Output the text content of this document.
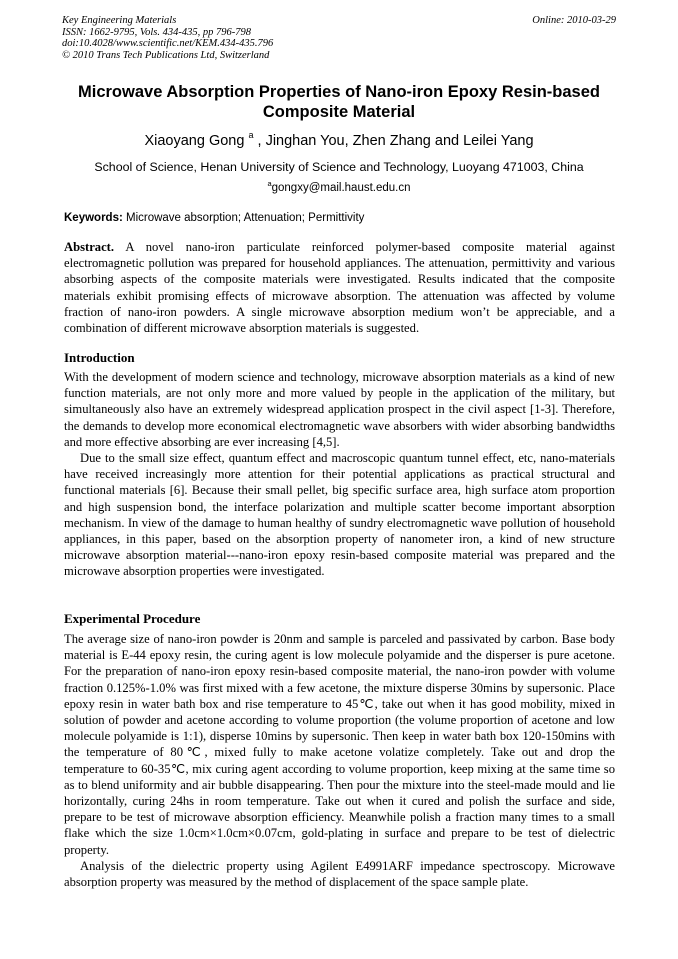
Key Engineering Materials
ISSN: 1662-9795, Vols. 434-435, pp 796-798
doi:10.4028/www.scientific.net/KEM.434-435.796
© 2010 Trans Tech Publications Ltd, Switzerland
Online: 2010-03-29
Microwave Absorption Properties of Nano-iron Epoxy Resin-based Composite Material
Xiaoyang Gong $^a$ , Jinghan You, Zhen Zhang and Leilei Yang
School of Science, Henan University of Science and Technology, Luoyang 471003, China
$^a$gongxy@mail.haust.edu.cn
Keywords: Microwave absorption; Attenuation; Permittivity
Abstract. A novel nano-iron particulate reinforced polymer-based composite material against electromagnetic pollution was prepared for household appliances. The attenuation, permittivity and various absorbing aspects of the composite materials were investigated. Results indicated that the composite materials exhibit promising effects of microwave absorption. The attenuation was affected by volume fraction of nano-iron powders. A single microwave absorption medium won’t be appreciable, and a combination of different microwave absorption materials is suggested.
Introduction

With the development of modern science and technology, microwave absorption materials as a kind of new function materials, are not only more and more valued by people in the application of the military, but simultaneously also have an extremely widespread application prospect in the civil aspect [1-3]. Therefore, the demands to develop more economical electromagnetic wave absorbers with wider absorbing bandwidths and more effective absorbing are ever increasing [4,5].

Due to the small size effect, quantum effect and macroscopic quantum tunnel effect, etc, nano-materials have received increasingly more attention for their potential applications as practical structural and functional materials [6]. Because their small pellet, big specific surface area, high surface atom proportion and high suspension bond, the interface polarization and multiple scatter become important absorption mechanism. In view of the damage to human healthy of sundry electromagnetic wave pollution of household appliances, in this paper, based on the absorption property of nanometer iron, a kind of new structure microwave absorption material---nano-iron epoxy resin-based composite material was prepared and the microwave absorption properties were investigated.

Experimental Procedure

The average size of nano-iron powder is 20nm and sample is parceled and passivated by carbon. Base body material is E-44 epoxy resin, the curing agent is low molecule polyamide and the disperser is pure acetone. For the preparation of nano-iron epoxy resin-based composite material, the nano-iron powder with volume fraction 0.125%-1.0% was first mixed with a few acetone, the mixture disperse 30mins by supersonic. Place epoxy resin in water bath box and rise temperature to 45℃, take out when it has good mobility, mixed in solution of powder and acetone according to volume proportion (the volume proportion of acetone and low molecule polyamide is 1:1), disperse 10mins by supersonic. Then keep in water bath box 120-150mins with the temperature of 80℃, mixed fully to make acetone volatize completely. Take out and drop the temperature to 60-35℃, mix curing agent according to volume proportion, keep mixing at the same time so as to blend uniformity and air bubble disappearing. Then pour the mixture into the steel-made mould and lie horizontally, curing 24hs in room temperature. Take out when it cured and polish the surface and side, prepare to be test of microwave absorption efficiency. Meanwhile polish a fraction many times to a small flake which the size 1.0cm×1.0cm×0.07cm, gold-plating in surface and prepare to be test of dielectric property.

Analysis of the dielectric property using Agilent E4991ARF impedance spectroscopy. Microwave absorption property was measured by the method of displacement of the space sample plate.
